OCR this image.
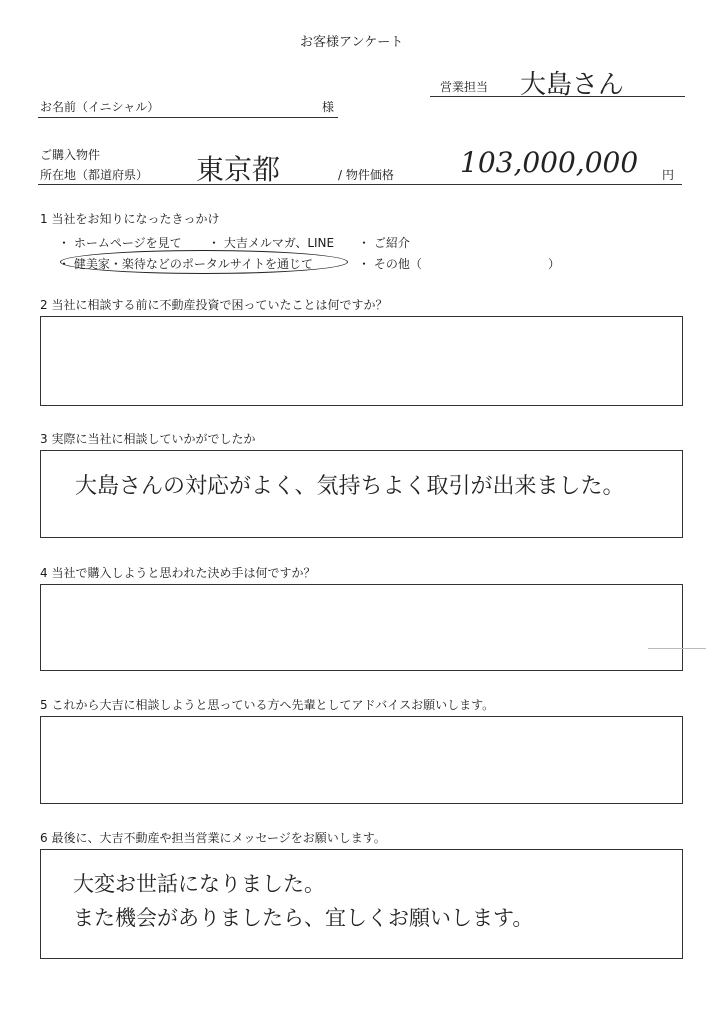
お客様アンケート
営業担当 大島さん
お名前（イニシャル）	様
ご購入物件
所在地（都道府県） 東京都	/ 物件価格 103,000,000 円
1 当社をお知りになったきっかけ
・ ホームページを見て ・ 大吉メルマガ、LINE ・ ご紹介
・ 健美家・楽待などのポータルサイトを通じて	・ その他（	）
2 当社に相談する前に不動産投資で困っていたことは何ですか？
3 実際に当社に相談していかがでしたか
大島さんの対応がよく、気持ちよく取引が出来ました。
4 当社で購入しようと思われた決め手は何ですか？
5 これから大吉に相談しようと思っている方へ先輩としてアドバイスお願いします。
6 最後に、大吉不動産や担当営業にメッセージをお願いします。
大変お世話になりました。
また機会がありましたら、宜しくお願いします。
